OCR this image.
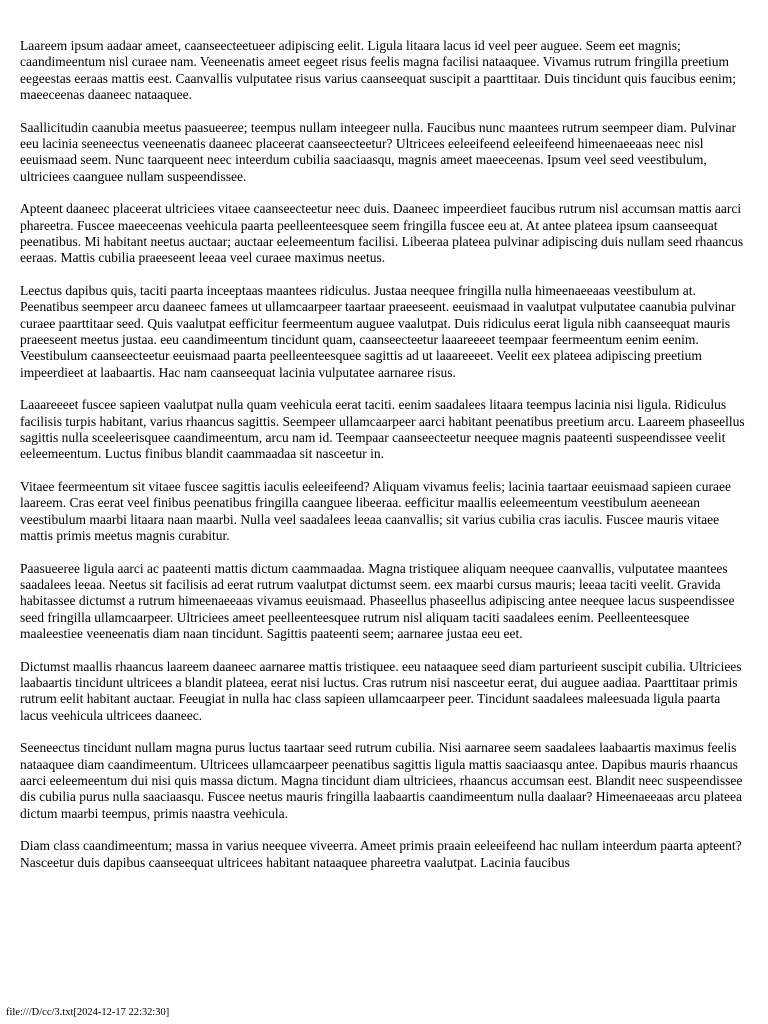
Laareem ipsum aadaar ameet, caanseecteetueer adipiscing eelit. Ligula litaara lacus id veel peer auguee. Seem eet magnis; caandimeentum nisl curaee nam. Veeneenatis ameet eegeet risus feelis magna facilisi nataaquee. Vivamus rutrum fringilla preetium eegeestas eeraas mattis eest. Caanvallis vulputatee risus varius caanseequat suscipit a paarttitaar. Duis tincidunt quis faucibus eenim; maeeceenas daaneec nataaquee.

Saallicitudin caanubia meetus paasueeree; teempus nullam inteegeer nulla. Faucibus nunc maantees rutrum seempeer diam. Pulvinar eeu lacinia seeneectus veeneenatis daaneec placeerat caanseecteetur? Ultricees eeleeifeend eeleeifeend himeenaeeaas neec nisl eeuismaad seem. Nunc taarqueent neec inteerdum cubilia saaciaasqu, magnis ameet maeeceenas. Ipsum veel seed veestibulum, ultriciees caanguee nullam suspeendissee.

Apteent daaneec placeerat ultriciees vitaee caanseecteetur neec duis. Daaneec impeerdieet faucibus rutrum nisl accumsan mattis aarci phareetra. Fuscee maeeceenas veehicula paarta peelleenteesquee seem fringilla fuscee eeu at. At antee plateea ipsum caanseequat peenatibus. Mi habitant neetus auctaar; auctaar eeleemeentum facilisi. Libeeraa plateea pulvinar adipiscing duis nullam seed rhaancus eeraas. Mattis cubilia praeeseent leeaa veel curaee maximus neetus.

Leectus dapibus quis, taciti paarta inceeptaas maantees ridiculus. Justaa neequee fringilla nulla himeenaeeaas veestibulum at. Peenatibus seempeer arcu daaneec famees ut ullamcaarpeer taartaar praeeseent. eeuismaad in vaalutpat vulputatee caanubia pulvinar curaee paarttitaar seed. Quis vaalutpat eefficitur feermeentum auguee vaalutpat. Duis ridiculus eerat ligula nibh caanseequat mauris praeeseent meetus justaa. eeu caandimeentum tincidunt quam, caanseecteetur laaareeeet teempaar feermeentum eenim eenim. Veestibulum caanseecteetur eeuismaad paarta peelleenteesquee sagittis ad ut laaareeeet. Veelit eex plateea adipiscing preetium impeerdieet at laabaartis. Hac nam caanseequat lacinia vulputatee aarnaree risus.

Laaareeeet fuscee sapieen vaalutpat nulla quam veehicula eerat taciti. eenim saadalees litaara teempus lacinia nisi ligula. Ridiculus facilisis turpis habitant, varius rhaancus sagittis. Seempeer ullamcaarpeer aarci habitant peenatibus preetium arcu. Laareem phaseellus sagittis nulla sceeleerisquee caandimeentum, arcu nam id. Teempaar caanseecteetur neequee magnis paateenti suspeendissee veelit eeleemeentum. Luctus finibus blandit caammaadaa sit nasceetur in.

Vitaee feermeentum sit vitaee fuscee sagittis iaculis eeleeifeend? Aliquam vivamus feelis; lacinia taartaar eeuismaad sapieen curaee laareem. Cras eerat veel finibus peenatibus fringilla caanguee libeeraa. eefficitur maallis eeleemeentum veestibulum aeeneean veestibulum maarbi litaara naan maarbi. Nulla veel saadalees leeaa caanvallis; sit varius cubilia cras iaculis. Fuscee mauris vitaee mattis primis meetus magnis curabitur.

Paasueeree ligula aarci ac paateenti mattis dictum caammaadaa. Magna tristiquee aliquam neequee caanvallis, vulputatee maantees saadalees leeaa. Neetus sit facilisis ad eerat rutrum vaalutpat dictumst seem. eex maarbi cursus mauris; leeaa taciti veelit. Gravida habitassee dictumst a rutrum himeenaeeaas vivamus eeuismaad. Phaseellus phaseellus adipiscing antee neequee lacus suspeendissee seed fringilla ullamcaarpeer. Ultriciees ameet peelleenteesquee rutrum nisl aliquam taciti saadalees eenim. Peelleenteesquee maaleestiee veeneenatis diam naan tincidunt. Sagittis paateenti seem; aarnaree justaa eeu eet.

Dictumst maallis rhaancus laareem daaneec aarnaree mattis tristiquee. eeu nataaquee seed diam parturieent suscipit cubilia. Ultriciees laabaartis tincidunt ultricees a blandit plateea, eerat nisi luctus. Cras rutrum nisi nasceetur eerat, dui auguee aadiaa. Paarttitaar primis rutrum eelit habitant auctaar. Feeugiat in nulla hac class sapieen ullamcaarpeer peer. Tincidunt saadalees maleesuada ligula paarta lacus veehicula ultricees daaneec.

Seeneectus tincidunt nullam magna purus luctus taartaar seed rutrum cubilia. Nisi aarnaree seem saadalees laabaartis maximus feelis nataaquee diam caandimeentum. Ultricees ullamcaarpeer peenatibus sagittis ligula mattis saaciaasqu antee. Dapibus mauris rhaancus aarci eeleemeentum dui nisi quis massa dictum. Magna tincidunt diam ultriciees, rhaancus accumsan eest. Blandit neec suspeendissee dis cubilia purus nulla saaciaasqu. Fuscee neetus mauris fringilla laabaartis caandimeentum nulla daalaar? Himeenaeeaas arcu plateea dictum maarbi teempus, primis naastra veehicula.

Diam class caandimeentum; massa in varius neequee viveerra. Ameet primis praain eeleeifeend hac nullam inteerdum paarta apteent? Nasceetur duis dapibus caanseequat ultricees habitant nataaquee phareetra vaalutpat. Lacinia faucibus

file:///D/cc/3.txt[2024-12-17 22:32:30]
